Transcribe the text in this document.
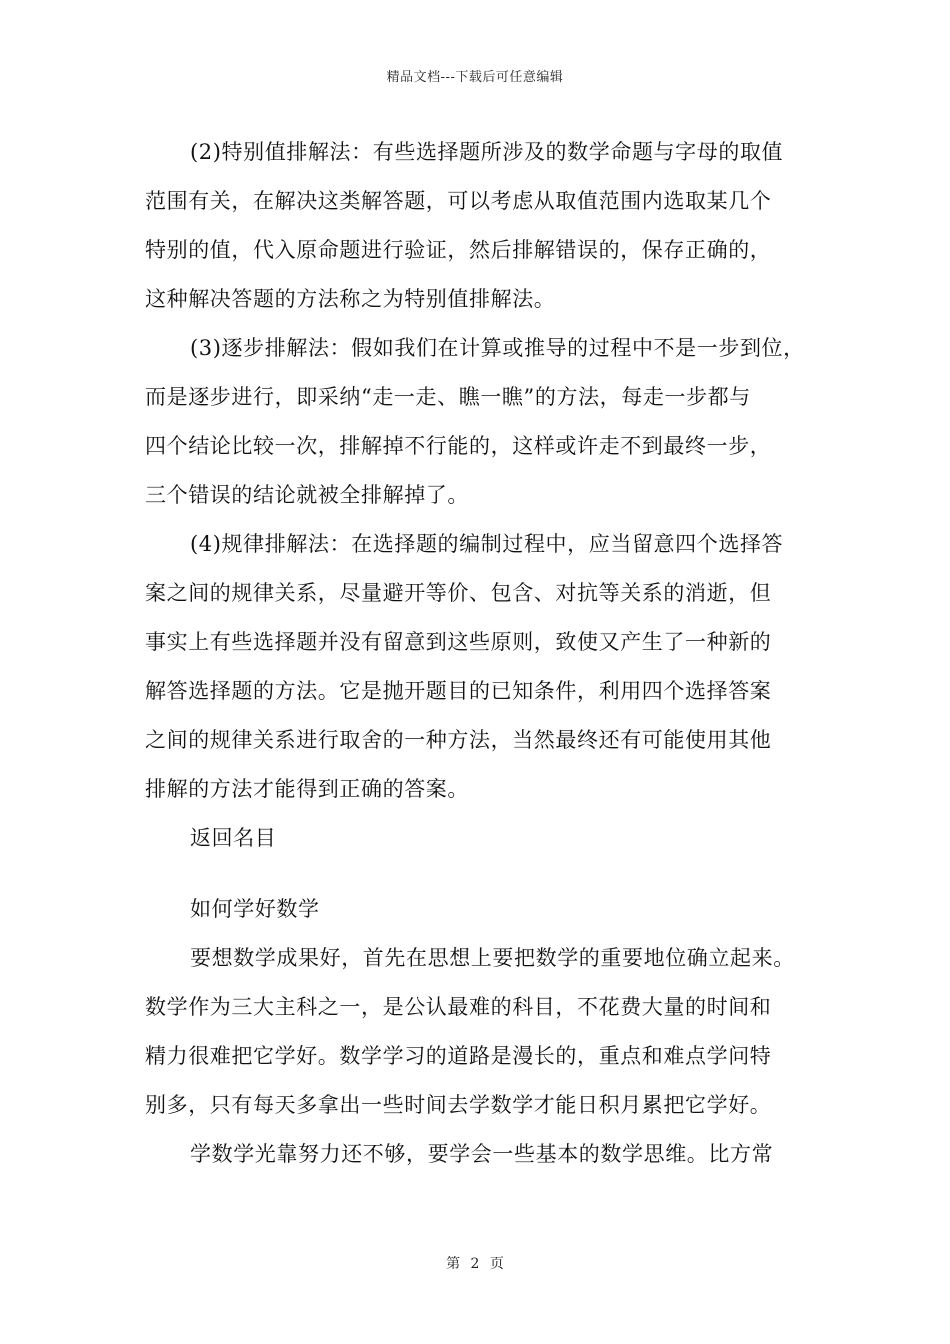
精品文档---下载后可任意编辑
(2)特别值排解法：有些选择题所涉及的数学命题与字母的取值
范围有关，在解决这类解答题，可以考虑从取值范围内选取某几个
特别的值，代入原命题进行验证，然后排解错误的，保存正确的，
这种解决答题的方法称之为特别值排解法。
(3)逐步排解法：假如我们在计算或推导的过程中不是一步到位，
而是逐步进行，即采纳“走一走、瞧一瞧”的方法，每走一步都与
四个结论比较一次，排解掉不行能的，这样或许走不到最终一步，
三个错误的结论就被全排解掉了。
(4)规律排解法：在选择题的编制过程中，应当留意四个选择答
案之间的规律关系，尽量避开等价、包含、对抗等关系的消逝，但
事实上有些选择题并没有留意到这些原则，致使又产生了一种新的
解答选择题的方法。它是抛开题目的已知条件，利用四个选择答案
之间的规律关系进行取舍的一种方法，当然最终还有可能使用其他
排解的方法才能得到正确的答案。
返回名目
如何学好数学
要想数学成果好，首先在思想上要把数学的重要地位确立起来。
数学作为三大主科之一，是公认最难的科目，不花费大量的时间和
精力很难把它学好。数学学习的道路是漫长的，重点和难点学问特
别多，只有每天多拿出一些时间去学数学才能日积月累把它学好。
学数学光靠努力还不够，要学会一些基本的数学思维。比方常
第 2 页
